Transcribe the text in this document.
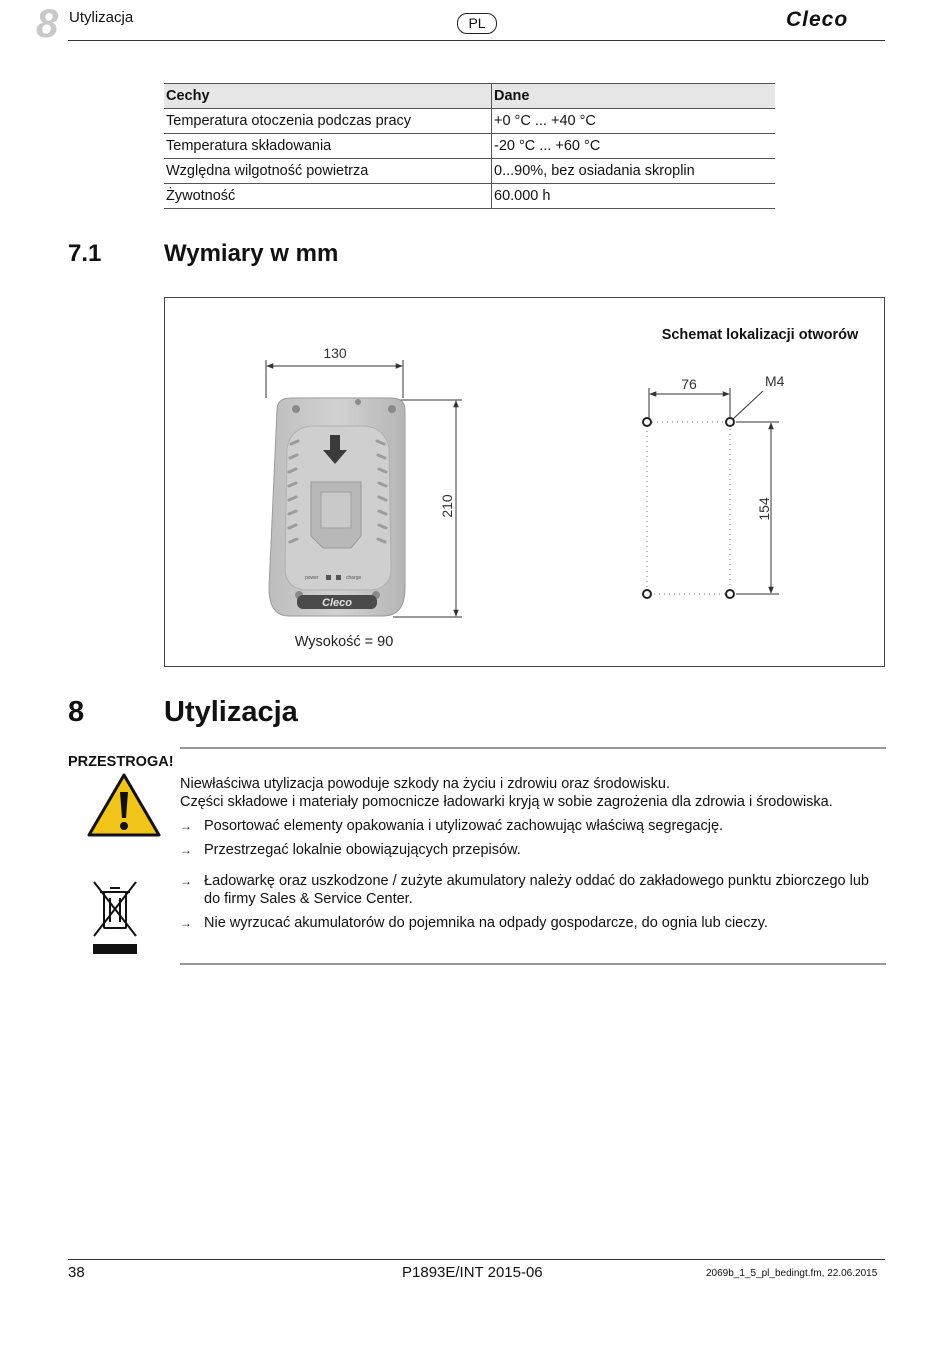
8 Utylizacja	PL	Cleco
Cechy	Dane
Temperatura otoczenia podczas pracy	+0 °C ... +40 °C
Temperatura składowania	-20 °C ... +60 °C
Względna wilgotność powietrza	0...90%, bez osiadania skroplin
Żywotność	60.000 h
7.1	Wymiary w mm
130
210
power	charge
Cleco
Wysokość = 90
Schemat lokalizacji otworów
76	M4
154
8	Utylizacja
PRZESTROGA!
Niewłaściwa utylizacja powoduje szkody na życiu i zdrowiu oraz środowisku.
Części składowe i materiały pomocnicze ładowarki kryją w sobie zagrożenia dla zdrowia i środowiska.
→ Posortować elementy opakowania i utylizować zachowując właściwą segregację.
→ Przestrzegać lokalnie obowiązujących przepisów.
→ Ładowarkę oraz uszkodzone / zużyte akumulatory należy oddać do zakładowego punktu zbiorczego lub do firmy Sales & Service Center.
→ Nie wyrzucać akumulatorów do pojemnika na odpady gospodarcze, do ognia lub cieczy.
38	P1893E/INT 2015-06	2069b_1_5_pl_bedingt.fm, 22.06.2015
